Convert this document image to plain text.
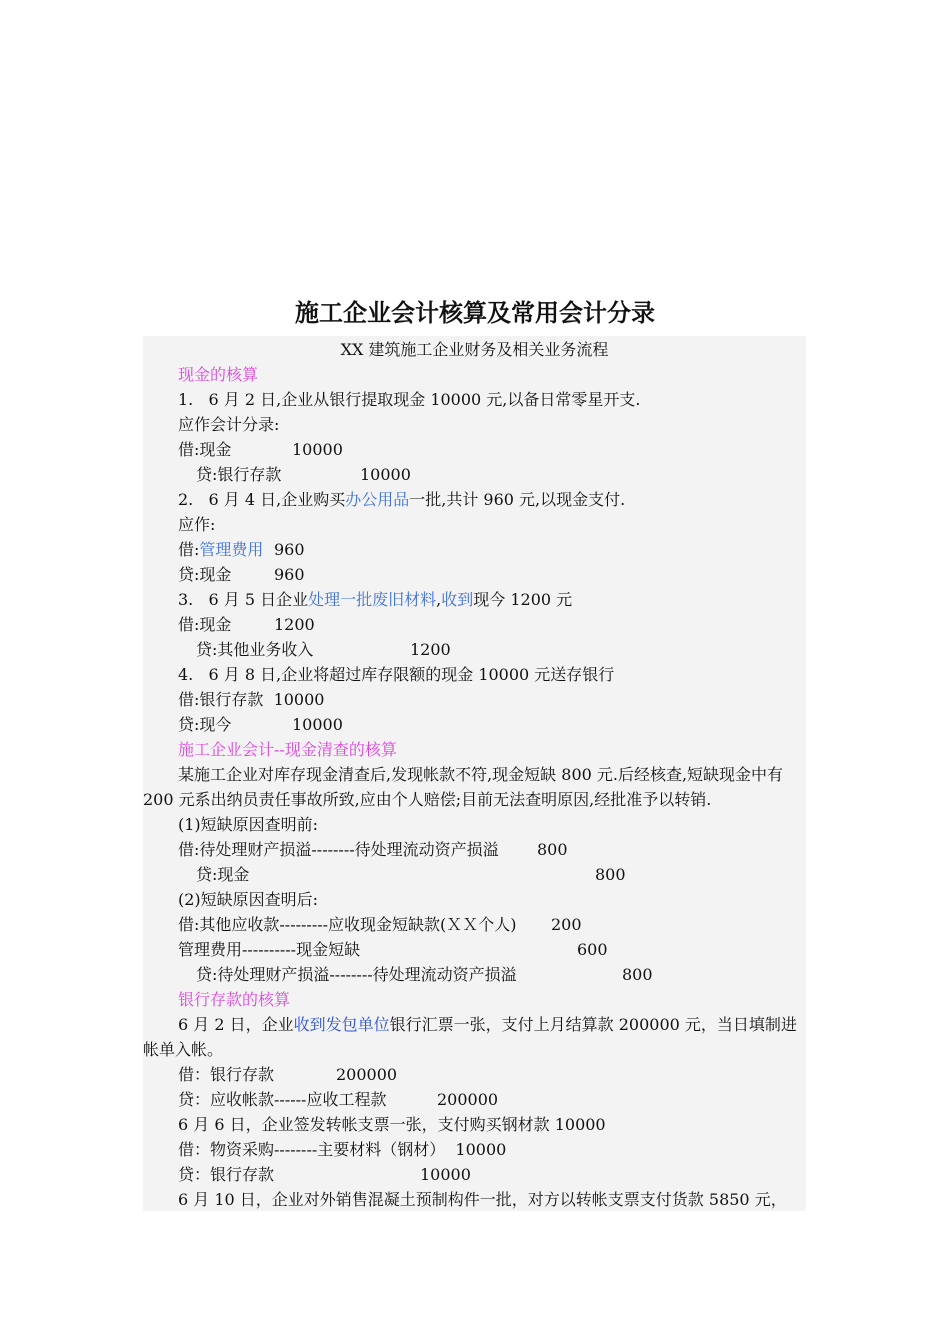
施工企业会计核算及常用会计分录
XX 建筑施工企业财务及相关业务流程
现金的核算
1.   6 月 2 日,企业从银行提取现金 10000 元,以备日常零星开支.
应作会计分录:
借:现金	10000
贷:银行存款	10000
2.   6 月 4 日,企业购买办公用品一批,共计 960 元,以现金支付.
应作:
借:管理费用 960
贷:现金	960
3.   6 月 5 日企业处理一批废旧材料,收到现今 1200 元
借:现金	1200
贷:其他业务收入	1200
4.   6 月 8 日,企业将超过库存限额的现金 10000 元送存银行
借:银行存款  10000
贷:现今	10000
施工企业会计--现金清查的核算
某施工企业对库存现金清查后,发现帐款不符,现金短缺 800 元.后经核查,短缺现金中有
200 元系出纳员责任事故所致,应由个人赔偿;目前无法查明原因,经批准予以转销.
(1)短缺原因查明前:
借:待处理财产损溢--------待处理流动资产损溢 800
贷:现金	800
(2)短缺原因查明后:
借:其他应收款---------应收现金短缺款(ＸＸ个人) 200
管理费用----------现金短缺	600
贷:待处理财产损溢--------待处理流动资产损溢	800
银行存款的核算
6 月 2 日，企业收到发包单位银行汇票一张，支付上月结算款 200000 元，当日填制进
帐单入帐。
借：银行存款	200000
贷：应收帐款------应收工程款	200000
6 月 6 日，企业签发转帐支票一张，支付购买钢材款 10000
借：物资采购--------主要材料（钢材）  10000
贷：银行存款	10000
6 月 10 日，企业对外销售混凝土预制构件一批，对方以转帐支票支付货款 5850 元，
